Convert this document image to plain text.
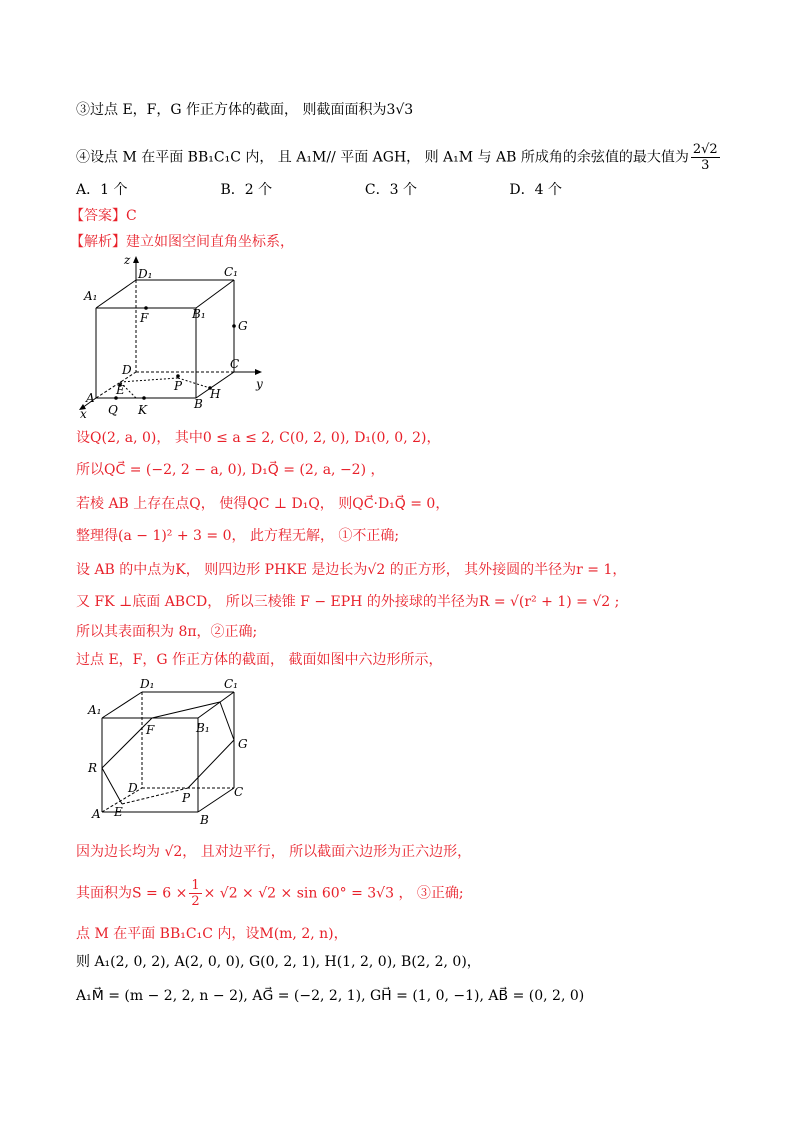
③过点 E，F，G 作正方体的截面， 则截面面积为3√3
④设点 M 在平面 BB₁C₁C 内， 且 A₁M// 平面 AGH， 则 A₁M 与 AB 所成角的余弦值的最大值为 $\frac{2√2}{3}$
A．1 个	B．2 个	C．3 个	D．4 个
【答案】C
【解析】建立如图空间直角坐标系，
z
y
x
D₁	C₁
A₁
B₁
F
G
D	C
P
H
B
E
A
Q K
设Q(2, a, 0)， 其中0 ≤ a ≤ 2, C(0, 2, 0), D₁(0, 0, 2)，
所以QC⃗ = (−2, 2 − a, 0), D₁Q⃗ = (2, a, −2) ，
若棱 AB 上存在点Q， 使得QC ⊥ D₁Q， 则QC⃗·D₁Q⃗ = 0，
整理得(a − 1)² + 3 = 0， 此方程无解， ①不正确;
设 AB 的中点为K， 则四边形 PHKE 是边长为√2 的正方形， 其外接圆的半径为r = 1，
又 FK ⊥底面 ABCD， 所以三棱锥 F − EPH 的外接球的半径为R = √(r² + 1) = √2 ;
所以其表面积为 8π，②正确;
过点 E，F，G 作正方体的截面， 截面如图中六边形所示，
D₁	C₁
A₁
B₁
F
G
R
D
P	C
A E
B
因为边长均为 √2， 且对边平行， 所以截面六边形为正六边形，
其面积为$S = 6 \times \frac{1}{2} \times √2 \times √2 \times \sin 60^\circ = 3√3$ ， ③正确;
点 M 在平面 BB₁C₁C 内，设M(m, 2, n)，
则 A₁(2, 0, 2), A(2, 0, 0), G(0, 2, 1), H(1, 2, 0), B(2, 2, 0)，
A₁M⃗ = (m − 2, 2, n − 2), AG⃗ = (−2, 2, 1), GH⃗ = (1, 0, −1), AB⃗ = (0, 2, 0)
